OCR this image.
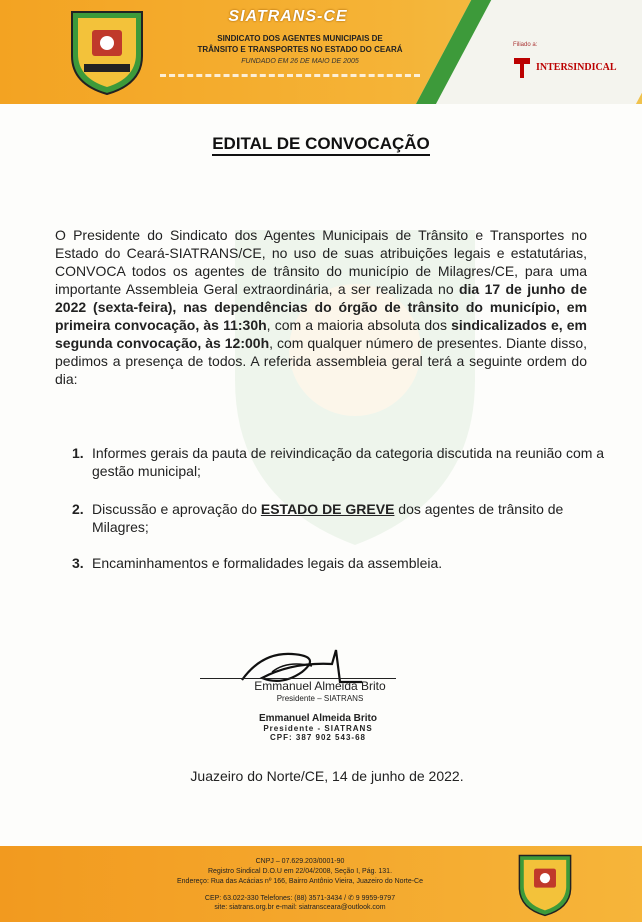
SIATRANS-CE
SINDICATO DOS AGENTES MUNICIPAIS DE
TRÂNSITO E TRANSPORTES NO ESTADO DO CEARÁ
FUNDADO EM 26 DE MAIO DE 2005
Filiado a:
INTERSINDICAL
EDITAL DE CONVOCAÇÃO
O Presidente do Sindicato dos Agentes Municipais de Trânsito e Transportes no Estado do Ceará-SIATRANS/CE, no uso de suas atribuições legais e estatutárias, CONVOCA todos os agentes de trânsito do município de Milagres/CE, para uma importante Assembleia Geral extraordinária, a ser realizada no dia 17 de junho de 2022 (sexta-feira), nas dependências do órgão de trânsito do município, em primeira convocação, às 11:30h, com a maioria absoluta dos sindicalizados e, em segunda convocação, às 12:00h, com qualquer número de presentes. Diante disso, pedimos a presença de todos. A referida assembleia geral terá a seguinte ordem do dia:
1. Informes gerais da pauta de reivindicação da categoria discutida na reunião com a gestão municipal;
2. Discussão e aprovação do ESTADO DE GREVE dos agentes de trânsito de Milagres;
3. Encaminhamentos e formalidades legais da assembleia.
Emmanuel Almeida Brito
Presidente – SIATRANS
Emmanuel Almeida Brito
Presidente - SIATRANS
CPF: 387 902 543-68
Juazeiro do Norte/CE, 14 de junho de 2022.
CNPJ – 07.629.203/0001-90
Registro Sindical D.O.U em 22/04/2008, Seção I, Pág. 131.
Endereço: Rua das Acácias nº 166, Bairro Antônio Vieira, Juazeiro do Norte-Ce
CEP: 63.022-330 Telefones: (88) 3571-3434 / ✆ 9 9959-9797
site: siatrans.org.br e-mail: siatransceara@outlook.com
